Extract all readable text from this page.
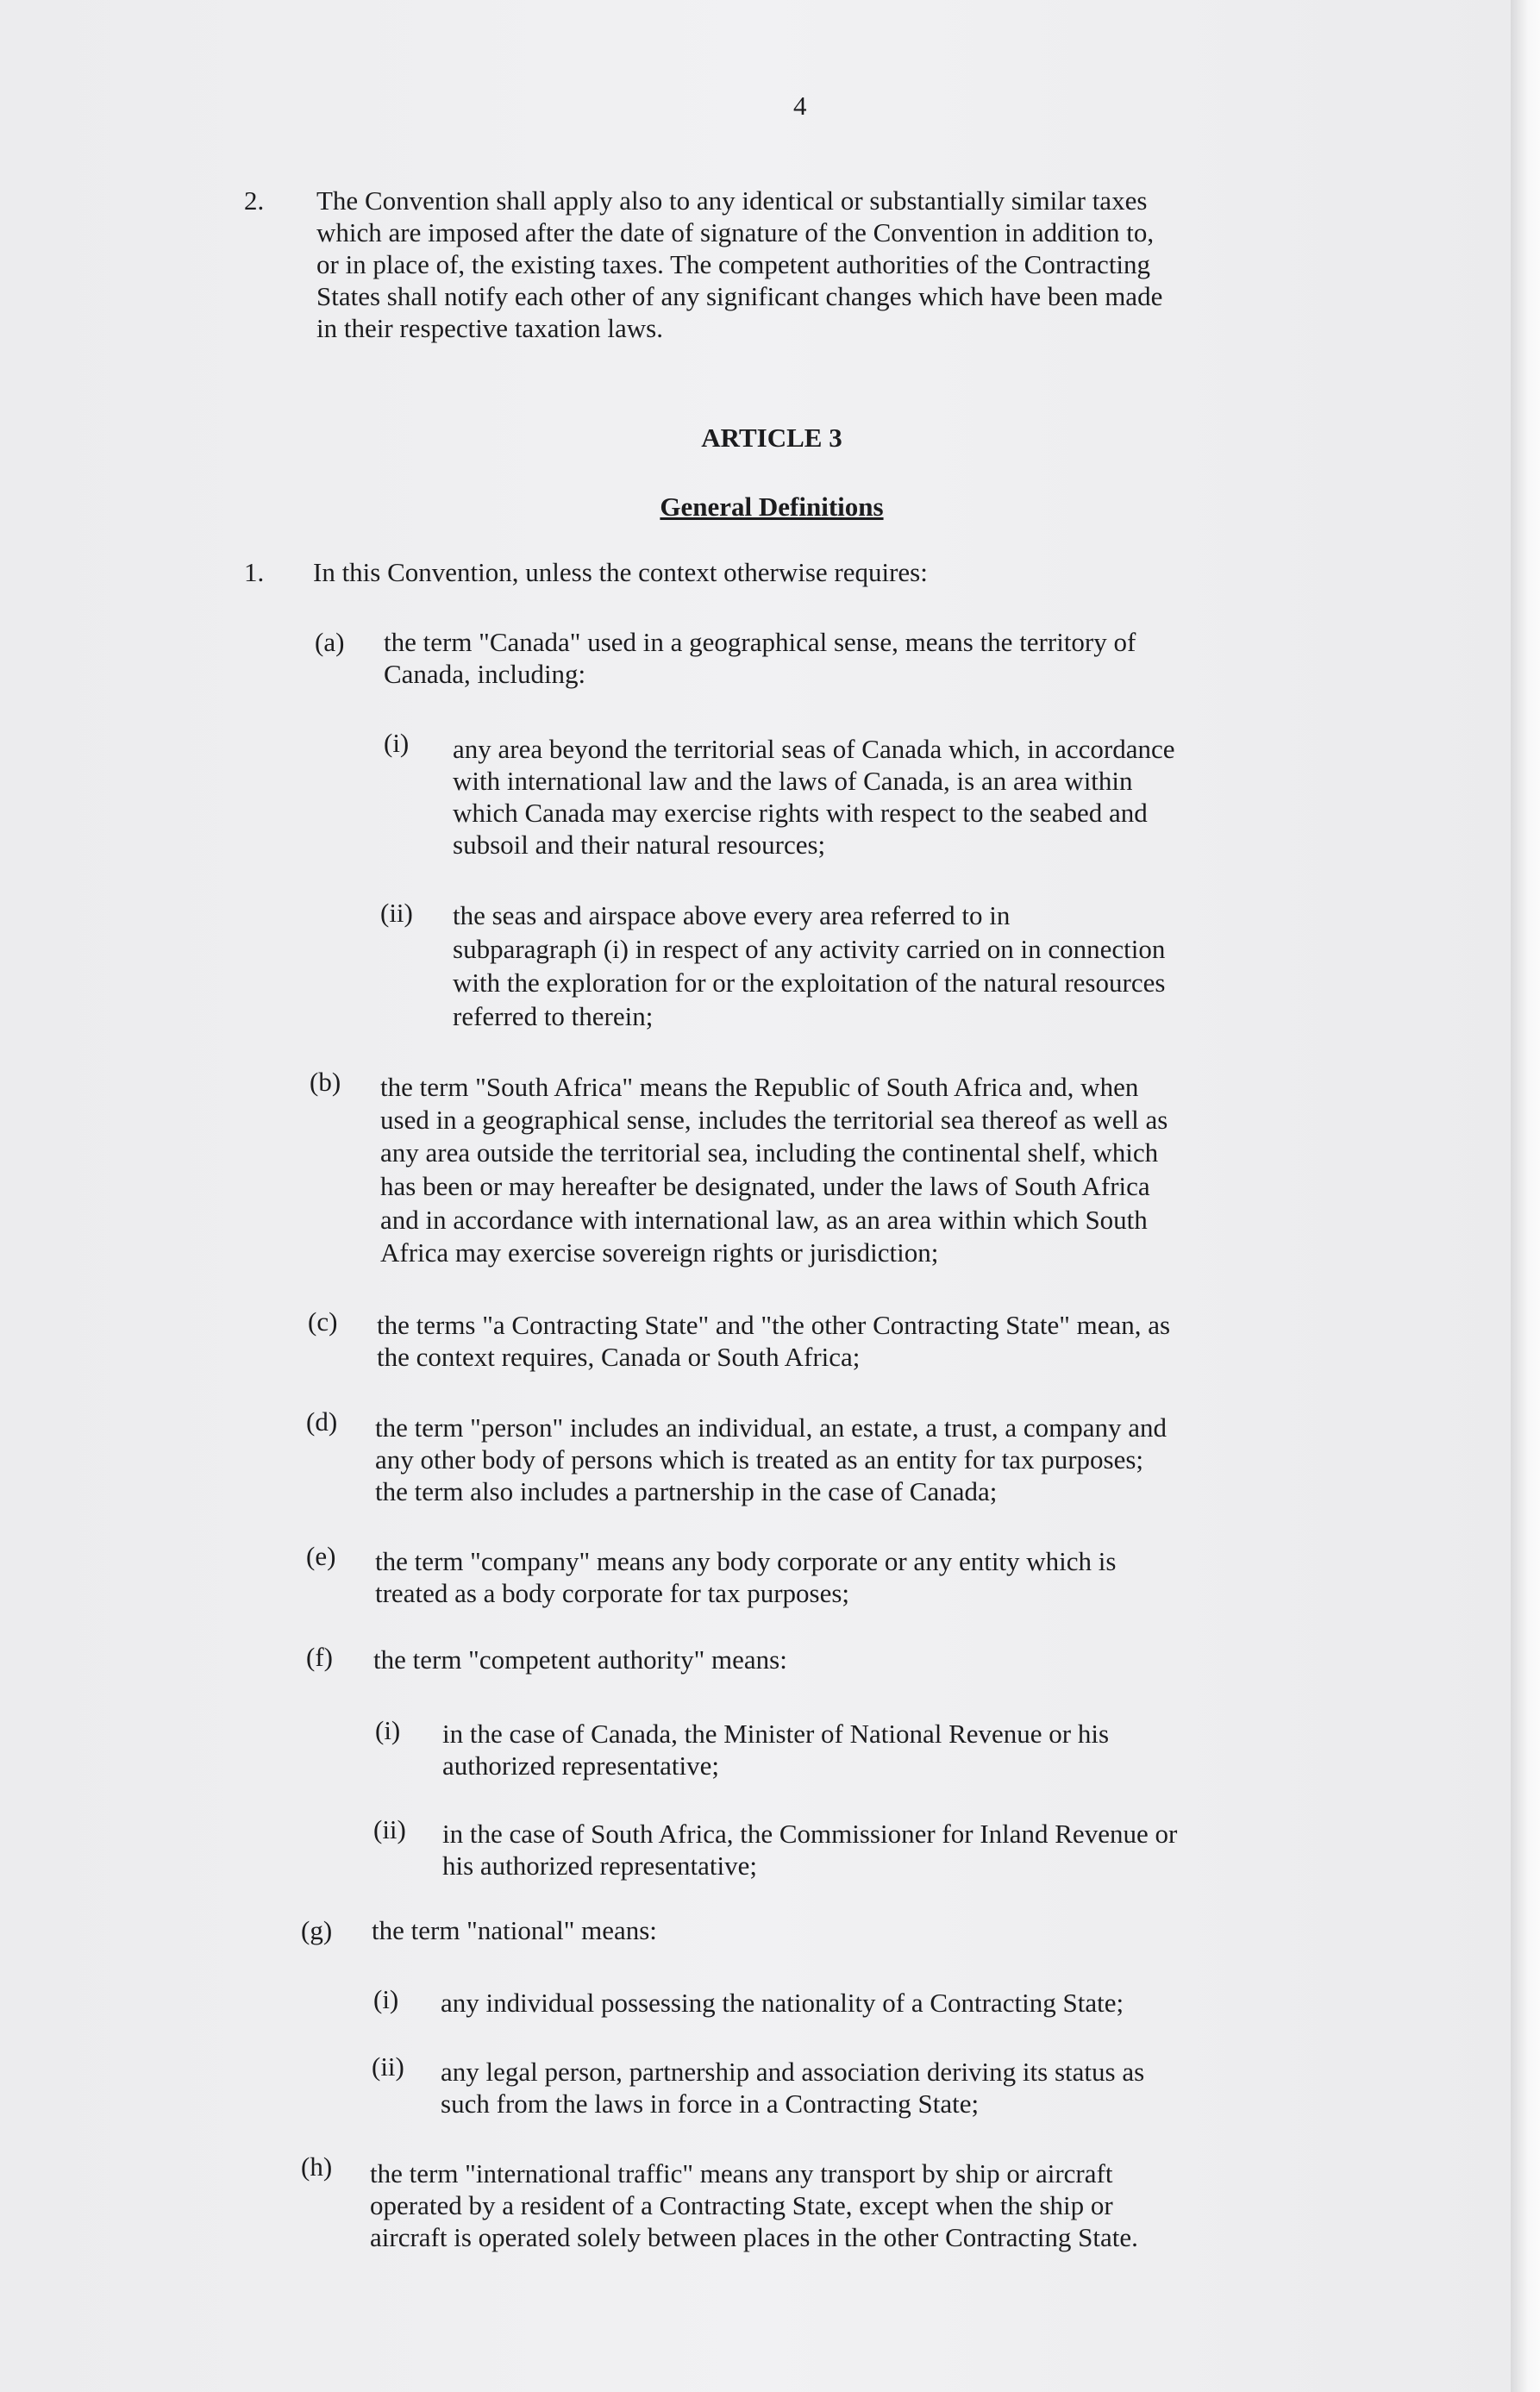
4
2. The Convention shall apply also to any identical or substantially similar taxes
which are imposed after the date of signature of the Convention in addition to,
or in place of, the existing taxes. The competent authorities of the Contracting
States shall notify each other of any significant changes which have been made
in their respective taxation laws.
ARTICLE 3
General Definitions
1. In this Convention, unless the context otherwise requires:
(a) the term "Canada" used in a geographical sense, means the territory of
Canada, including:
(i) any area beyond the territorial seas of Canada which, in accordance
with international law and the laws of Canada, is an area within
which Canada may exercise rights with respect to the seabed and
subsoil and their natural resources;
(ii) the seas and airspace above every area referred to in
subparagraph (i) in respect of any activity carried on in connection
with the exploration for or the exploitation of the natural resources
referred to therein;
(b) the term "South Africa" means the Republic of South Africa and, when
used in a geographical sense, includes the territorial sea thereof as well as
any area outside the territorial sea, including the continental shelf, which
has been or may hereafter be designated, under the laws of South Africa
and in accordance with international law, as an area within which South
Africa may exercise sovereign rights or jurisdiction;
(c) the terms "a Contracting State" and "the other Contracting State" mean, as
the context requires, Canada or South Africa;
(d) the term "person" includes an individual, an estate, a trust, a company and
any other body of persons which is treated as an entity for tax purposes;
the term also includes a partnership in the case of Canada;
(e) the term "company" means any body corporate or any entity which is
treated as a body corporate for tax purposes;
(f) the term "competent authority" means:
(i) in the case of Canada, the Minister of National Revenue or his
authorized representative;
(ii) in the case of South Africa, the Commissioner for Inland Revenue or
his authorized representative;
(g) the term "national" means:
(i) any individual possessing the nationality of a Contracting State;
(ii) any legal person, partnership and association deriving its status as
such from the laws in force in a Contracting State;
(h) the term "international traffic" means any transport by ship or aircraft
operated by a resident of a Contracting State, except when the ship or
aircraft is operated solely between places in the other Contracting State.
